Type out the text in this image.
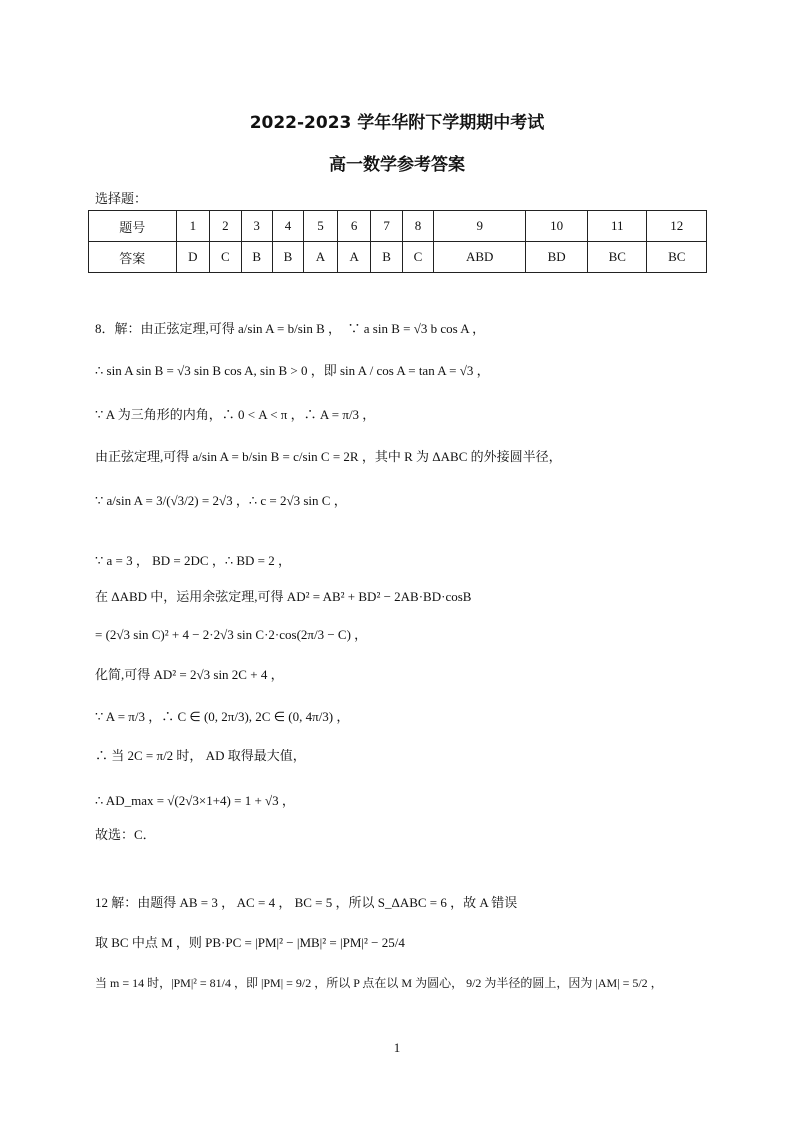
2022-2023 学年华附下学期期中考试
高一数学参考答案
选择题：
题号	1	2	3	4	5	6	7	8	9	10	11	12
答案	D	C	B	B	A	A	B	C	ABD	BD	BC	BC
8．解：由正弦定理,可得 a/sin A = b/sin B ，　∵ a sin B = √3 b cos A ，
∴ sin A sin B = √3 sin B cos A, sin B > 0 ，即 sin A / cos A = tan A = √3 ，
∵ A 为三角形的内角，∴ 0 < A < π ，∴ A = π/3 ，
由正弦定理,可得 a/sin A = b/sin B = c/sin C = 2R ，其中 R 为 ΔABC 的外接圆半径，
∵ a/sin A = 3/(√3/2) = 2√3 ，∴ c = 2√3 sin C ，
∵ a = 3 ， BD = 2DC ，∴ BD = 2 ，
在 ΔABD 中，运用余弦定理,可得 AD² = AB² + BD² − 2AB·BD·cosB
= (2√3 sin C)² + 4 − 2·2√3 sin C·2·cos(2π/3 − C) ，
化简,可得 AD² = 2√3 sin 2C + 4 ，
∵ A = π/3 ，∴ C ∈ (0, 2π/3), 2C ∈ (0, 4π/3) ，
∴ 当 2C = π/2 时， AD 取得最大值，
∴ AD_max = √(2√3×1+4) = 1 + √3 ，
故选：C．
12 解：由题得 AB = 3 ， AC = 4 ， BC = 5 ，所以 S_ΔABC = 6 ，故 A 错误
取 BC 中点 M ，则 PB·PC = |PM|² − |MB|² = |PM|² − 25/4
当 m = 14 时，|PM|² = 81/4 ，即 |PM| = 9/2 ，所以 P 点在以 M 为圆心， 9/2 为半径的圆上，因为 |AM| = 5/2 ，
1
